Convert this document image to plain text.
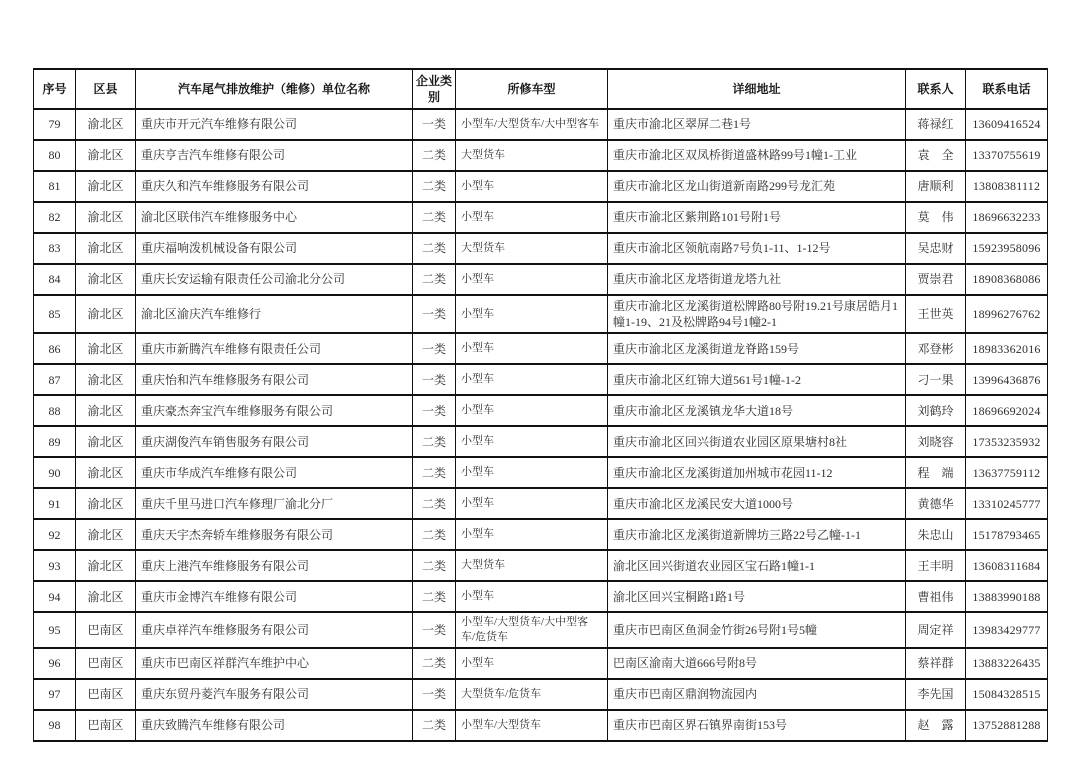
序号	区县	汽车尾气排放维护（维修）单位名称	企业类别	所修车型	详细地址	联系人	联系电话
79	渝北区	重庆市开元汽车维修有限公司	一类	小型车/大型货车/大中型客车	重庆市渝北区翠屏二巷1号	蒋禄红	13609416524
80	渝北区	重庆亨吉汽车维修有限公司	二类	大型货车	重庆市渝北区双凤桥街道盛林路99号1幢1-工业	袁　全	13370755619
81	渝北区	重庆久和汽车维修服务有限公司	二类	小型车	重庆市渝北区龙山街道新南路299号龙汇苑	唐顺利	13808381112
82	渝北区	渝北区联伟汽车维修服务中心	二类	小型车	重庆市渝北区紫荆路101号附1号	莫　伟	18696632233
83	渝北区	重庆福响泼机械设备有限公司	二类	大型货车	重庆市渝北区领航南路7号负1-11、1-12号	吴忠财	15923958096
84	渝北区	重庆长安运输有限责任公司渝北分公司	二类	小型车	重庆市渝北区龙塔街道龙塔九社	贾崇君	18908368086
85	渝北区	渝北区渝庆汽车维修行	一类	小型车	重庆市渝北区龙溪街道松牌路80号附19.21号康居皓月1幢1-19、21及松牌路94号1幢2-1	王世英	18996276762
86	渝北区	重庆市新腾汽车维修有限责任公司	一类	小型车	重庆市渝北区龙溪街道龙脊路159号	邓登彬	18983362016
87	渝北区	重庆怡和汽车维修服务有限公司	一类	小型车	重庆市渝北区红锦大道561号1幢-1-2	刁一果	13996436876
88	渝北区	重庆豪杰奔宝汽车维修服务有限公司	一类	小型车	重庆市渝北区龙溪镇龙华大道18号	刘鹤玲	18696692024
89	渝北区	重庆湖俊汽车销售服务有限公司	二类	小型车	重庆市渝北区回兴街道农业园区原果塘村8社	刘晓容	17353235932
90	渝北区	重庆市华成汽车维修有限公司	二类	小型车	重庆市渝北区龙溪街道加州城市花园11-12	程　端	13637759112
91	渝北区	重庆千里马进口汽车修理厂渝北分厂	二类	小型车	重庆市渝北区龙溪民安大道1000号	黄德华	13310245777
92	渝北区	重庆天宇杰奔轿车维修服务有限公司	二类	小型车	重庆市渝北区龙溪街道新牌坊三路22号乙幢-1-1	朱忠山	15178793465
93	渝北区	重庆上港汽车维修服务有限公司	二类	大型货车	渝北区回兴街道农业园区宝石路1幢1-1	王丰明	13608311684
94	渝北区	重庆市金博汽车维修有限公司	二类	小型车	渝北区回兴宝桐路1路1号	曹祖伟	13883990188
95	巴南区	重庆卓祥汽车维修服务有限公司	一类	小型车/大型货车/大中型客车/危货车	重庆市巴南区鱼洞金竹街26号附1号5幢	周定祥	13983429777
96	巴南区	重庆市巴南区祥群汽车维护中心	二类	小型车	巴南区渝南大道666号附8号	蔡祥群	13883226435
97	巴南区	重庆东贸丹菱汽车服务有限公司	一类	大型货车/危货车	重庆市巴南区鼎润物流园内	李先国	15084328515
98	巴南区	重庆致腾汽车维修有限公司	二类	小型车/大型货车	重庆市巴南区界石镇界南街153号	赵　露	13752881288
